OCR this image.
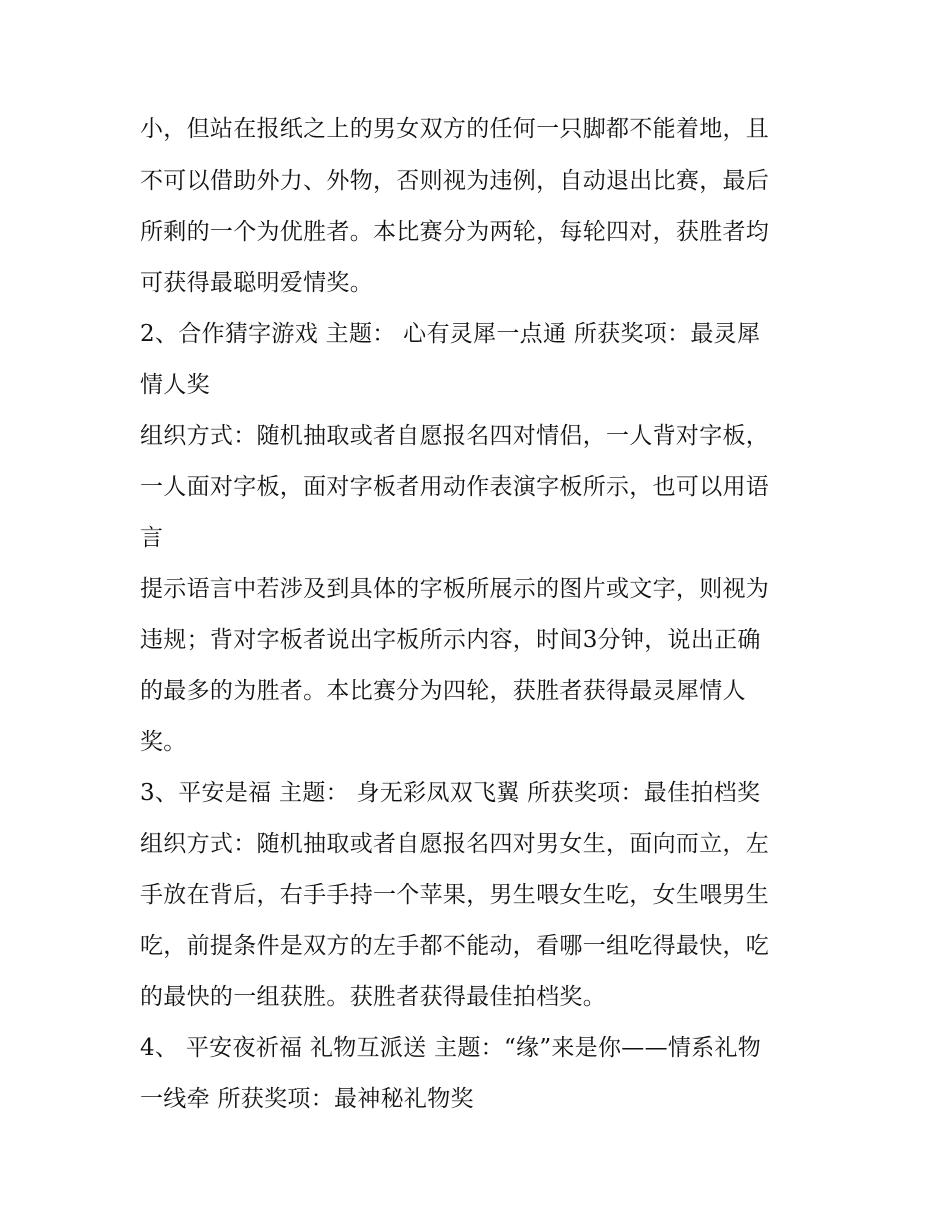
小，但站在报纸之上的男女双方的任何一只脚都不能着地，且
不可以借助外力、外物，否则视为违例，自动退出比赛，最后
所剩的一个为优胜者。本比赛分为两轮，每轮四对，获胜者均
可获得最聪明爱情奖。
2、合作猜字游戏 主题： 心有灵犀一点通 所获奖项：最灵犀
情人奖
组织方式：随机抽取或者自愿报名四对情侣，一人背对字板，
一人面对字板，面对字板者用动作表演字板所示，也可以用语
言
提示语言中若涉及到具体的字板所展示的图片或文字，则视为
违规；背对字板者说出字板所示内容，时间3分钟，说出正确
的最多的为胜者。本比赛分为四轮，获胜者获得最灵犀情人
奖。
3、平安是福 主题： 身无彩凤双飞翼 所获奖项：最佳拍档奖
组织方式：随机抽取或者自愿报名四对男女生，面向而立，左
手放在背后，右手手持一个苹果，男生喂女生吃，女生喂男生
吃，前提条件是双方的左手都不能动，看哪一组吃得最快，吃
的最快的一组获胜。获胜者获得最佳拍档奖。
4、 平安夜祈福 礼物互派送 主题：“缘”来是你——情系礼物
一线牵 所获奖项：最神秘礼物奖
